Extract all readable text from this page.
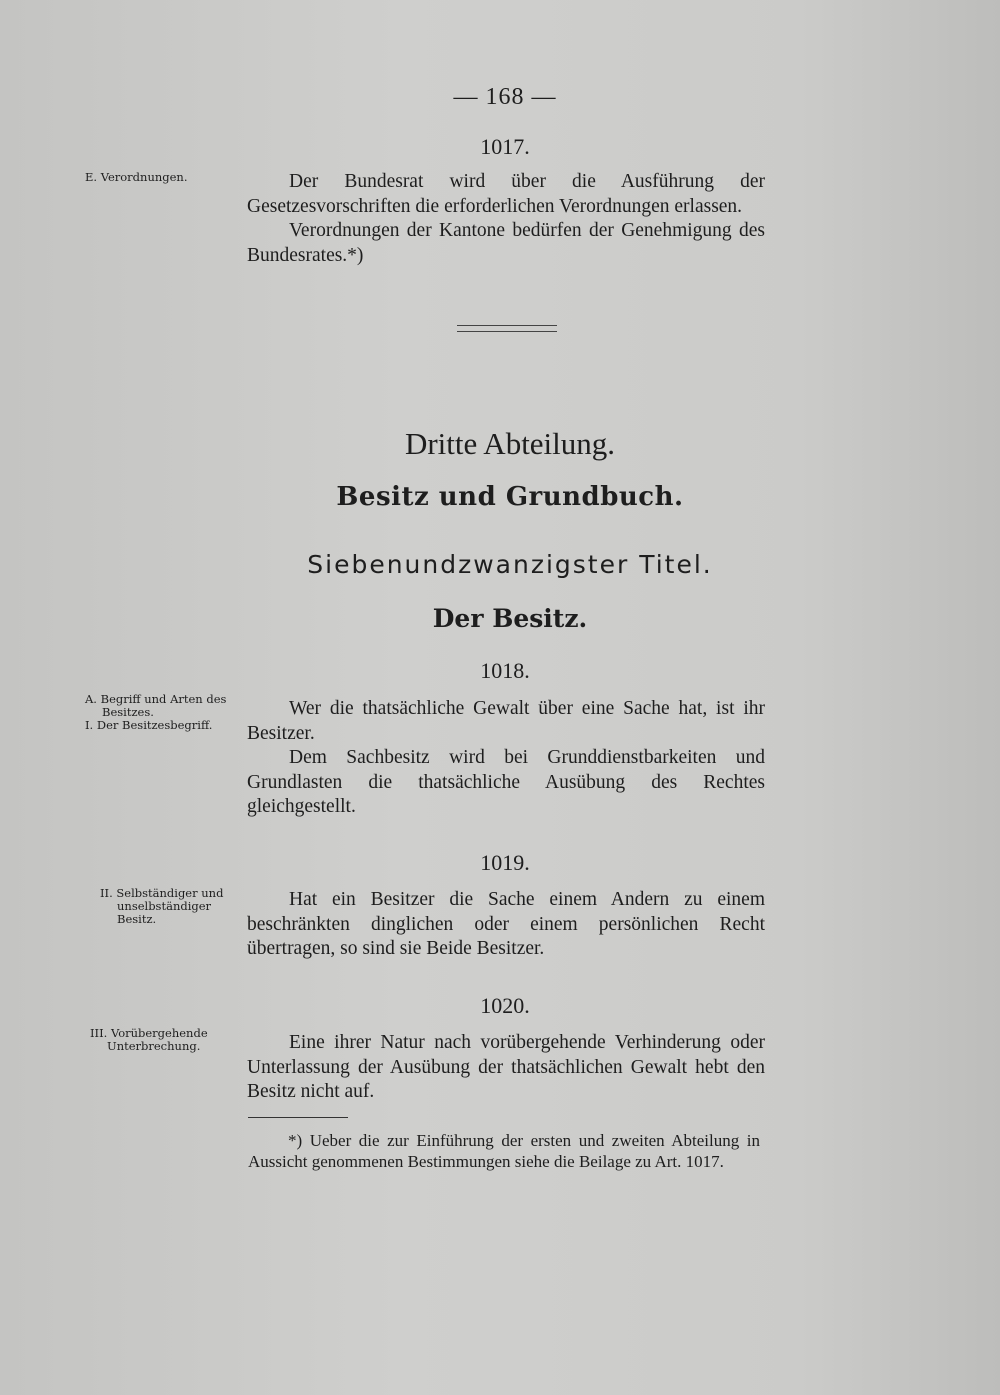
— 168 —
1017.
E. Verordnungen.	Der Bundesrat wird über die Ausführung der Gesetzesvorschriften die erforderlichen Verordnungen erlassen.

Verordnungen der Kantone bedürfen der Genehmigung des Bundesrates.*)

Dritte Abteilung.
Besitz und Grundbuch.
Siebenundzwanzigster Titel.
Der Besitz.
1018.
A. Begriff und Arten des

Besitzes.
I. Der Besitzesbegriff.

Wer die thatsächliche Gewalt über eine Sache hat, ist ihr Besitzer.

Dem Sachbesitz wird bei Grunddienstbarkeiten und Grundlasten die thatsächliche Ausübung des Rechtes gleichgestellt.

1019.
II. Selbständiger und

unselbständiger
Besitz.

Hat ein Besitzer die Sache einem Andern zu einem beschränkten dinglichen oder einem persönlichen Recht übertragen, so sind sie Beide Besitzer.

1020.
III. Vorübergehende

Unterbrechung.	Eine ihrer Natur nach vorübergehende Verhinderung oder Unterlassung der Ausübung der thatsächlichen Gewalt hebt den Besitz nicht auf.

*) Ueber die zur Einführung der ersten und zweiten Abteilung in Aussicht genommenen Bestimmungen siehe die Beilage zu Art. 1017.
